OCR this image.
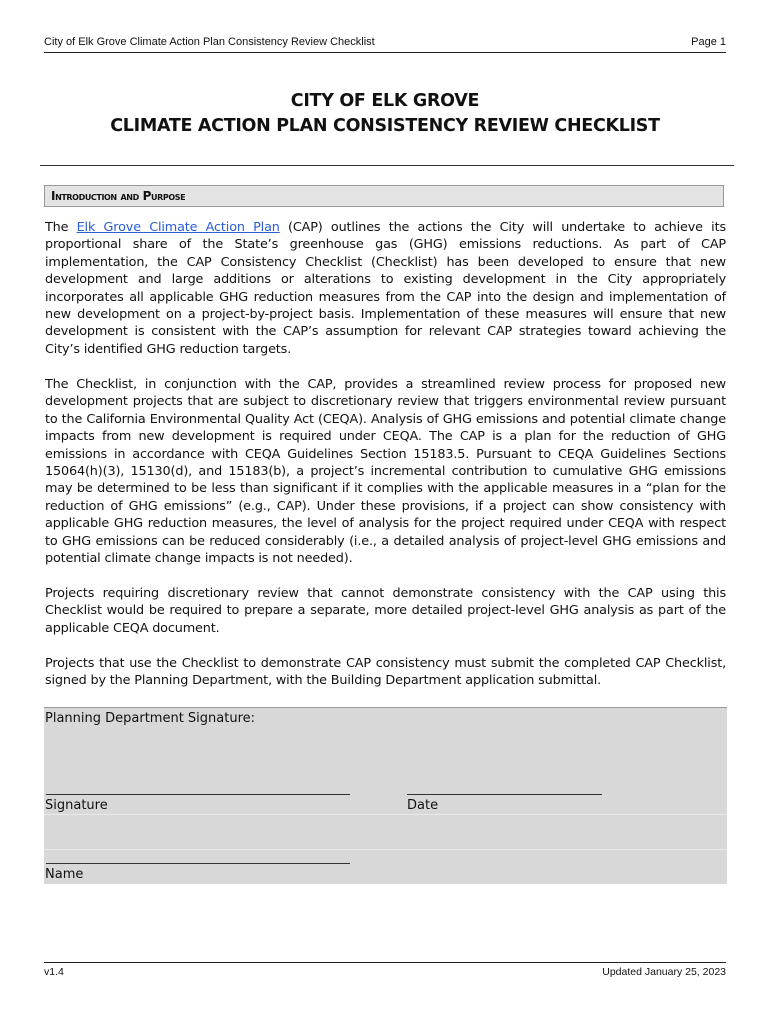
City of Elk Grove Climate Action Plan Consistency Review Checklist	Page 1
CITY OF ELK GROVE
CLIMATE ACTION PLAN CONSISTENCY REVIEW CHECKLIST
Introduction and Purpose
The Elk Grove Climate Action Plan (CAP) outlines the actions the City will undertake to achieve its proportional share of the State’s greenhouse gas (GHG) emissions reductions. As part of CAP implementation, the CAP Consistency Checklist (Checklist) has been developed to ensure that new development and large additions or alterations to existing development in the City appropriately incorporates all applicable GHG reduction measures from the CAP into the design and implementation of new development on a project-by-project basis. Implementation of these measures will ensure that new development is consistent with the CAP’s assumption for relevant CAP strategies toward achieving the City’s identified GHG reduction targets.
The Checklist, in conjunction with the CAP, provides a streamlined review process for proposed new development projects that are subject to discretionary review that triggers environmental review pursuant to the California Environmental Quality Act (CEQA). Analysis of GHG emissions and potential climate change impacts from new development is required under CEQA. The CAP is a plan for the reduction of GHG emissions in accordance with CEQA Guidelines Section 15183.5. Pursuant to CEQA Guidelines Sections 15064(h)(3), 15130(d), and 15183(b), a project’s incremental contribution to cumulative GHG emissions may be determined to be less than significant if it complies with the applicable measures in a “plan for the reduction of GHG emissions” (e.g., CAP). Under these provisions, if a project can show consistency with applicable GHG reduction measures, the level of analysis for the project required under CEQA with respect to GHG emissions can be reduced considerably (i.e., a detailed analysis of project-level GHG emissions and potential climate change impacts is not needed).
Projects requiring discretionary review that cannot demonstrate consistency with the CAP using this Checklist would be required to prepare a separate, more detailed project-level GHG analysis as part of the applicable CEQA document.
Projects that use the Checklist to demonstrate CAP consistency must submit the completed CAP Checklist, signed by the Planning Department, with the Building Department application submittal.
Planning Department Signature:
Signature	Date
Name
v1.4	Updated January 25, 2023
